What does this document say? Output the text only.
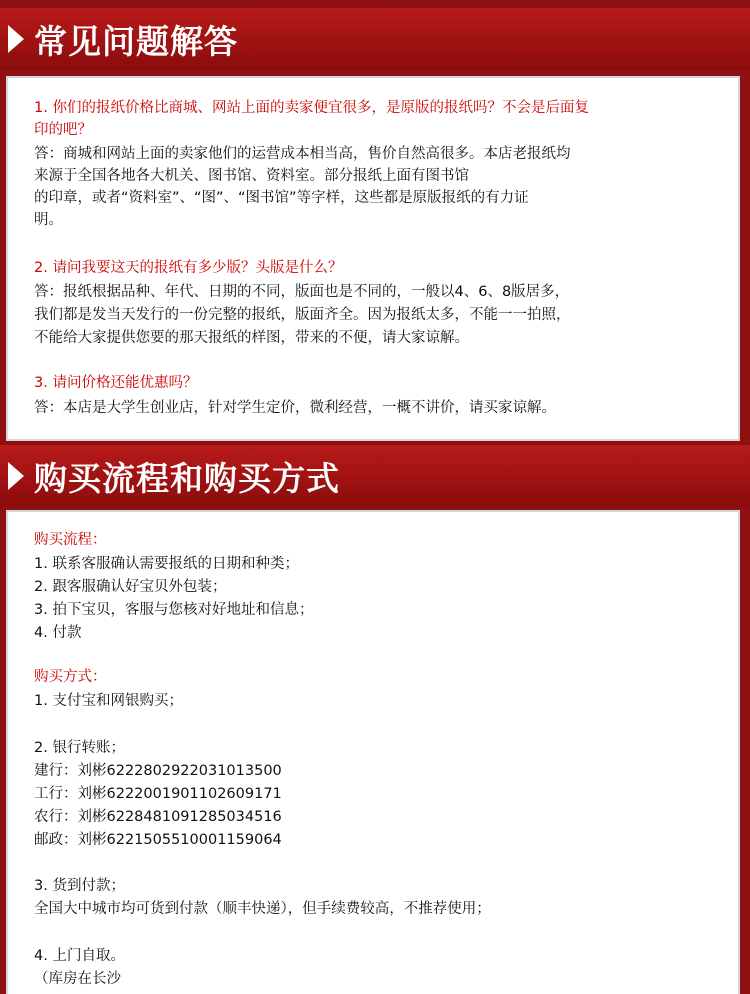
常见问题解答
1. 你们的报纸价格比商城、网站上面的卖家便宜很多，是原版的报纸吗？不会是后面复
印的吧？
答：商城和网站上面的卖家他们的运营成本相当高，售价自然高很多。本店老报纸均
来源于全国各地各大机关、图书馆、资料室。部分报纸上面有图书馆
的印章，或者“资料室”、“图”、“图书馆”等字样，这些都是原版报纸的有力证
明。
2. 请问我要这天的报纸有多少版？头版是什么？
答：报纸根据品种、年代、日期的不同，版面也是不同的，一般以4、6、8版居多，
我们都是发当天发行的一份完整的报纸，版面齐全。因为报纸太多，不能一一拍照，
不能给大家提供您要的那天报纸的样图，带来的不便，请大家谅解。
3. 请问价格还能优惠吗？
答：本店是大学生创业店，针对学生定价，微利经营，一概不讲价，请买家谅解。
购买流程和购买方式
购买流程：
1. 联系客服确认需要报纸的日期和种类；
2. 跟客服确认好宝贝外包装；
3. 拍下宝贝，客服与您核对好地址和信息；
4. 付款
购买方式：
1. 支付宝和网银购买；
2. 银行转账；
建行：刘彬6222802922031013500
工行：刘彬6222001901102609171
农行：刘彬6228481091285034516
邮政：刘彬6221505510001159064
3. 货到付款；
全国大中城市均可货到付款（顺丰快递），但手续费较高，不推荐使用；
4. 上门自取。
（库房在长沙
